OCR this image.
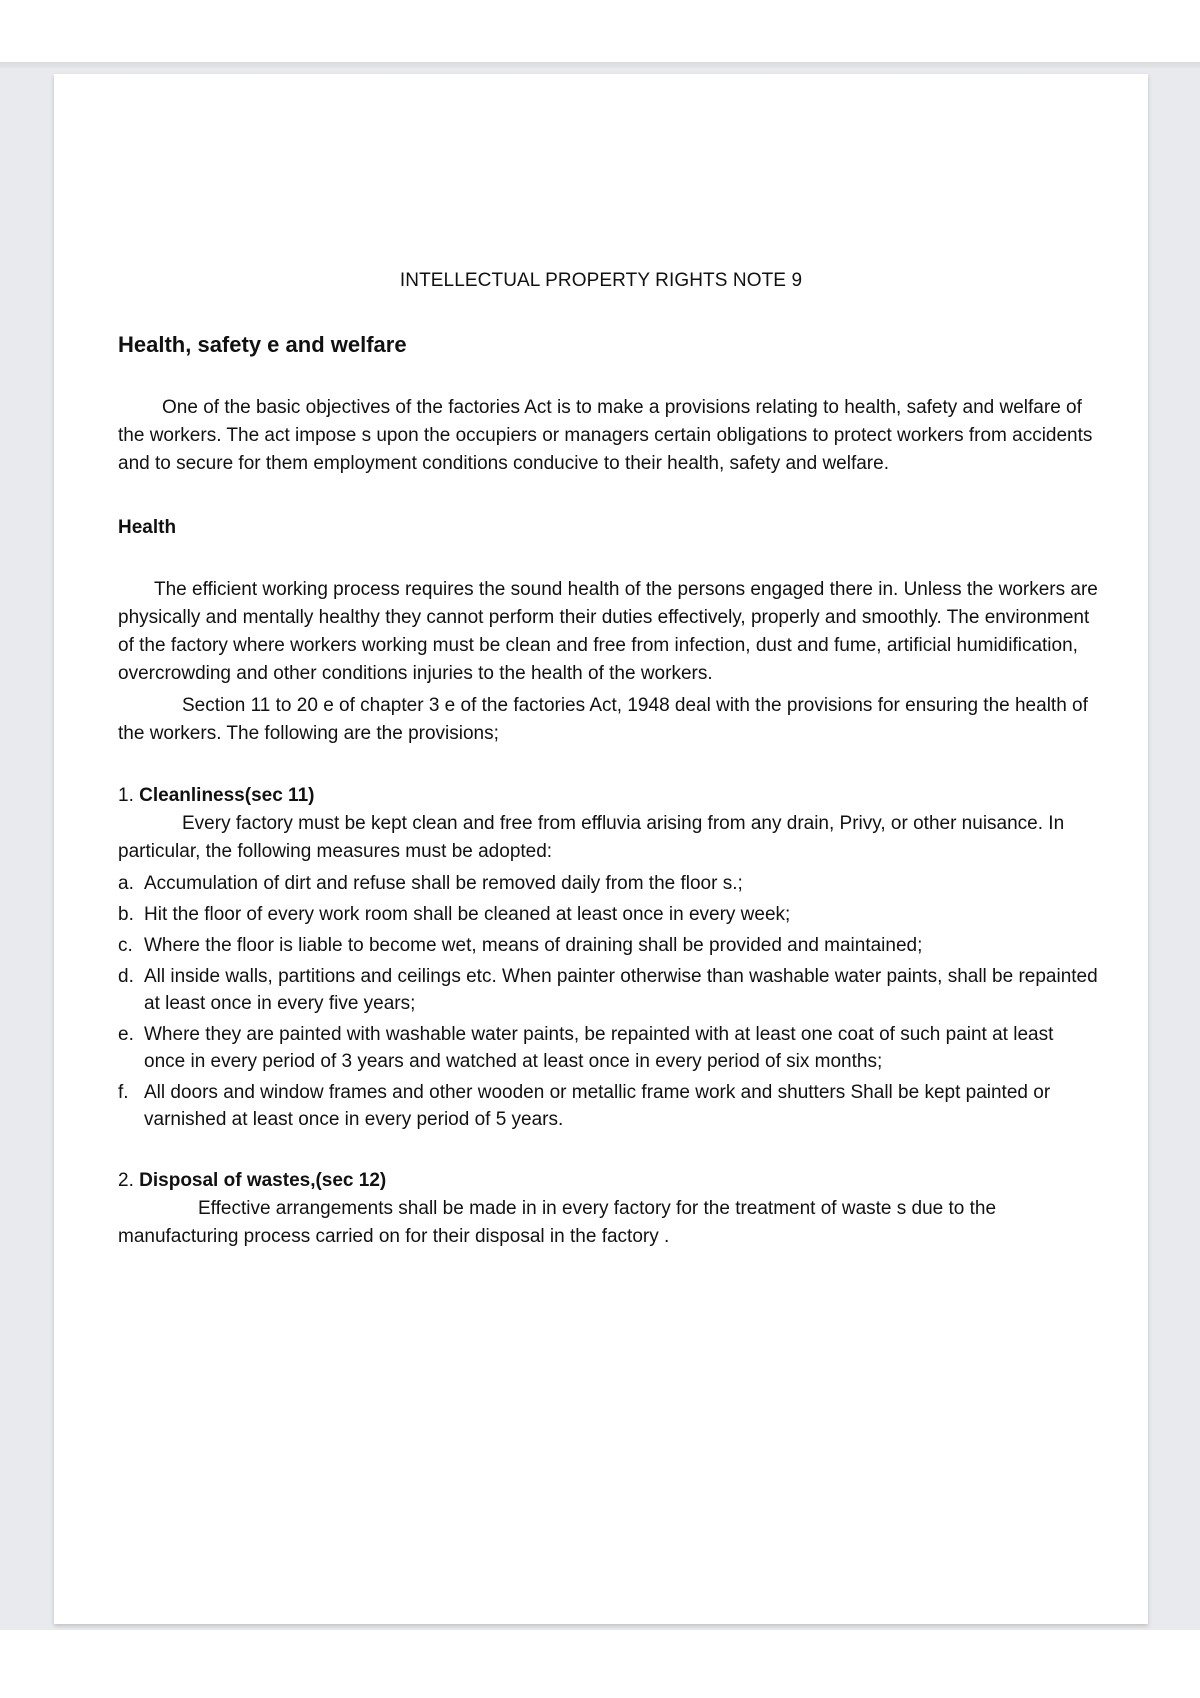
INTELLECTUAL PROPERTY RIGHTS NOTE 9
Health, safety e and welfare

One of the basic objectives of the factories Act is to make a provisions relating to health, safety and welfare of the workers. The act impose s upon the occupiers or managers certain obligations to protect workers from accidents and to secure for them employment conditions conducive to their health, safety and welfare.

Health

The efficient working process requires the sound health of the persons engaged there in. Unless the workers are physically and mentally healthy they cannot perform their duties effectively, properly and smoothly. The environment of the factory where workers working must be clean and free from infection, dust and fume, artificial humidification, overcrowding and other conditions injuries to the health of the workers.

Section 11 to 20 e of chapter 3 e of the factories Act, 1948 deal with the provisions for ensuring the health of the workers. The following are the provisions;

1. Cleanliness(sec 11)

Every factory must be kept clean and free from effluvia arising from any drain, Privy, or other nuisance. In particular, the following measures must be adopted:

a. Accumulation of dirt and refuse shall be removed daily from the floor s.;
b. Hit the floor of every work room shall be cleaned at least once in every week;
c. Where the floor is liable to become wet, means of draining shall be provided and maintained;
d. All inside walls, partitions and ceilings etc. When painter otherwise than washable water paints, shall be repainted at least once in every five years;
e. Where they are painted with washable water paints, be repainted with at least one coat of such paint at least once in every period of 3 years and watched at least once in every period of six months;
f. All doors and window frames and other wooden or metallic frame work and shutters Shall be kept painted or varnished at least once in every period of 5 years.
2. Disposal of wastes,(sec 12)

Effective arrangements shall be made in in every factory for the treatment of waste s due to the manufacturing process carried on for their disposal in the factory .
